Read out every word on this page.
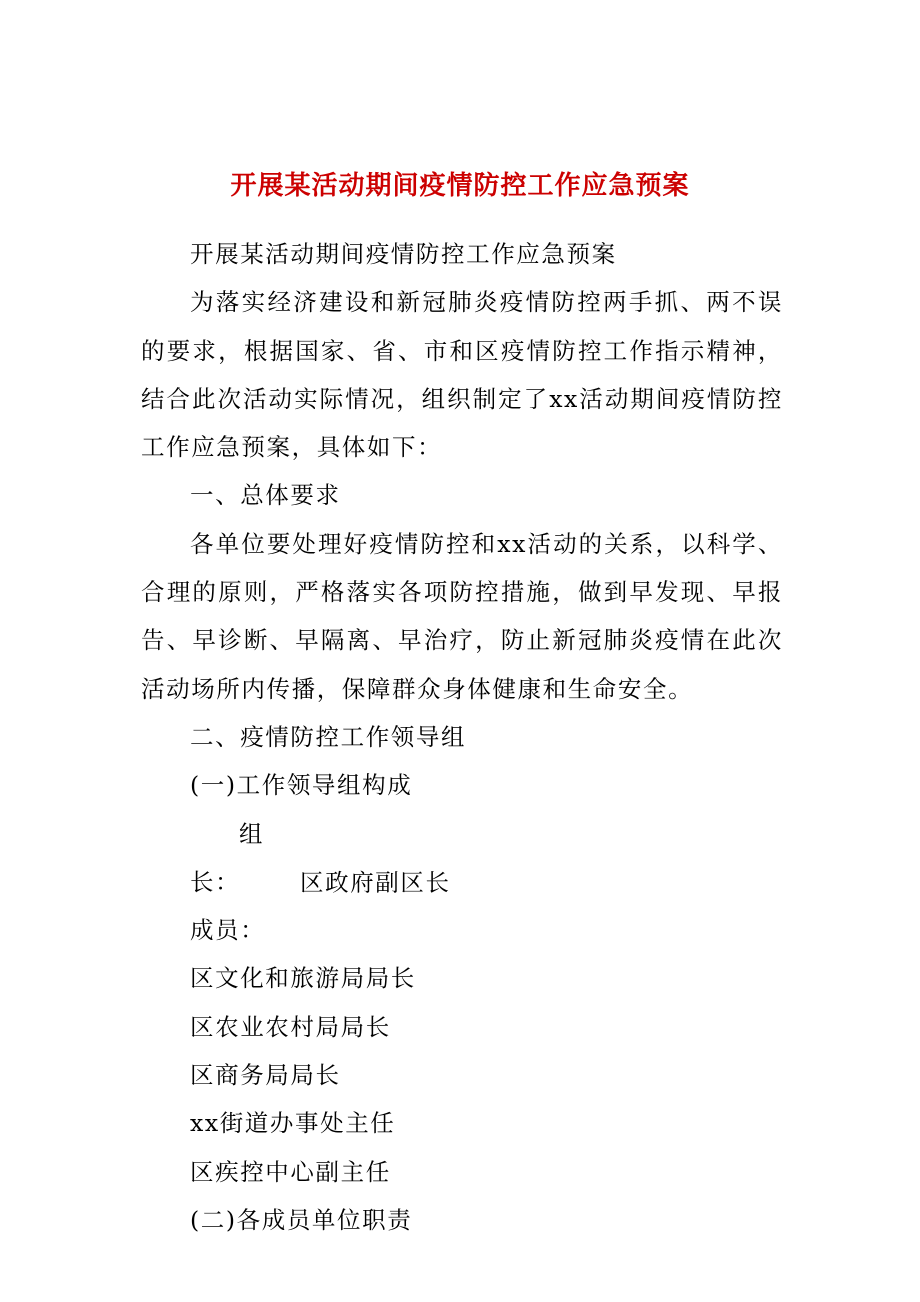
开展某活动期间疫情防控工作应急预案

开展某活动期间疫情防控工作应急预案

为落实经济建设和新冠肺炎疫情防控两手抓、两不误的要求，根据国家、省、市和区疫情防控工作指示精神，结合此次活动实际情况，组织制定了xx活动期间疫情防控工作应急预案，具体如下：

一、总体要求

各单位要处理好疫情防控和xx活动的关系，以科学、合理的原则，严格落实各项防控措施，做到早发现、早报告、早诊断、早隔离、早治疗，防止新冠肺炎疫情在此次活动场所内传播，保障群众身体健康和生命安全。

二、疫情防控工作领导组

(一)工作领导组构成

组长：	区政府副区长

成员：

区文化和旅游局局长

区农业农村局局长

区商务局局长

xx街道办事处主任

区疾控中心副主任

(二)各成员单位职责
